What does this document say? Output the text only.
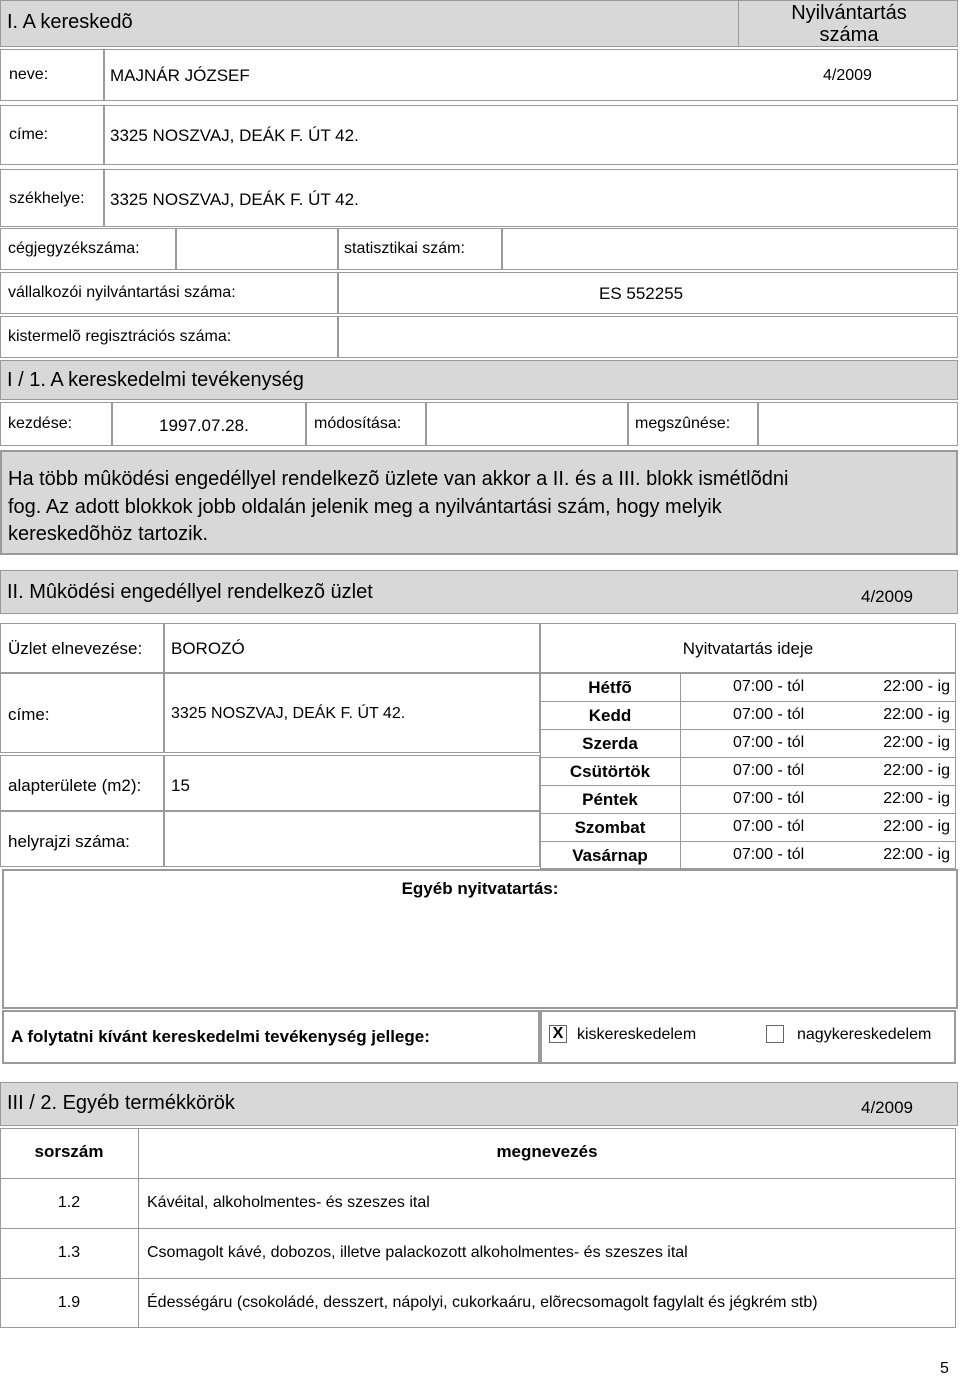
I. A kereskedõ	Nyilvántartás
száma
neve:	MAJNÁR JÓZSEF	4/2009
címe:	3325 NOSZVAJ, DEÁK F. ÚT 42.
székhelye: 3325 NOSZVAJ, DEÁK F. ÚT 42.
cégjegyzékszáma:	statisztikai szám:
vállalkozói nyilvántartási száma:	ES 552255
kistermelõ regisztrációs száma:
I / 1. A kereskedelmi tevékenység
kezdése:	1997.07.28.	módosítása:	megszûnése:
Ha több mûködési engedéllyel rendelkezõ üzlete van akkor a II. és a III. blokk ismétlõdni
fog. Az adott blokkok jobb oldalán jelenik meg a nyilvántartási szám, hogy melyik
kereskedõhöz tartozik.
II. Mûködési engedéllyel rendelkezõ üzlet	4/2009
Üzlet elnevezése: BOROZÓ
címe:	3325 NOSZVAJ, DEÁK F. ÚT 42.
alapterülete (m2): 15
helyrajzi száma:
Nyitvatartás ideje
Hétfõ	07:00 - tól	22:00 - ig
Kedd	07:00 - tól	22:00 - ig
Szerda	07:00 - tól	22:00 - ig
Csütörtök	07:00 - tól	22:00 - ig
Péntek	07:00 - tól	22:00 - ig
Szombat	07:00 - tól	22:00 - ig
Vasárnap	07:00 - tól	22:00 - ig
Egyéb nyitvatartás:
A folytatni kívánt kereskedelmi tevékenység jellege:	X kiskereskedelem	nagykereskedelem
III / 2. Egyéb termékkörök	4/2009
sorszám	megnevezés
1.2	Kávéital, alkoholmentes- és szeszes ital
1.3	Csomagolt kávé, dobozos, illetve palackozott alkoholmentes- és szeszes ital
1.9	Édességáru (csokoládé, desszert, nápolyi, cukorkaáru, elõrecsomagolt fagylalt és jégkrém stb)
5
